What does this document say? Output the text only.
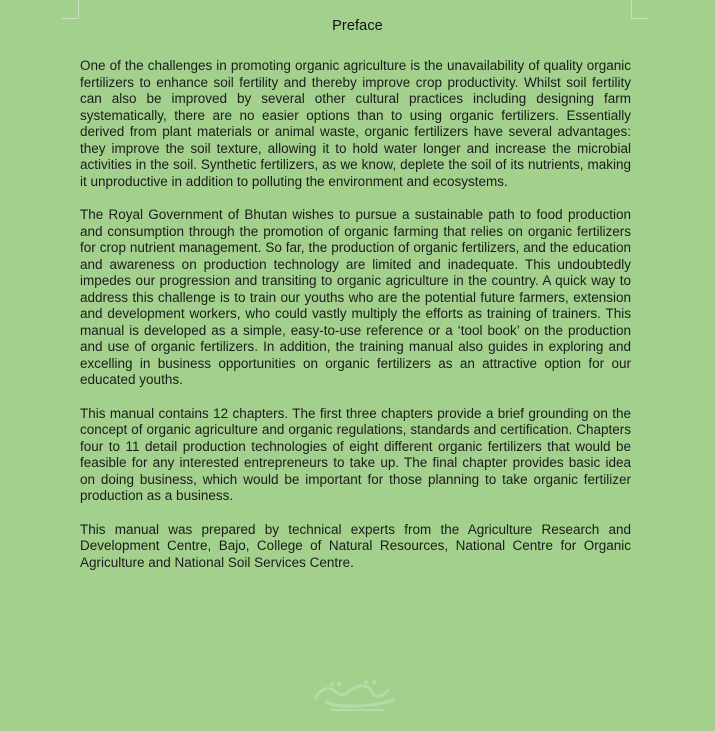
Preface

One of the challenges in promoting organic agriculture is the unavailability of quality organic fertilizers to enhance soil fertility and thereby improve crop productivity. Whilst soil fertility can also be improved by several other cultural practices including designing farm systematically, there are no easier options than to using organic fertilizers. Essentially derived from plant materials or animal waste, organic fertilizers have several advantages: they improve the soil texture, allowing it to hold water longer and increase the microbial activities in the soil. Synthetic fertilizers, as we know, deplete the soil of its nutrients, making it unproductive in addition to polluting the environment and ecosystems.

The Royal Government of Bhutan wishes to pursue a sustainable path to food production and consumption through the promotion of organic farming that relies on organic fertilizers for crop nutrient management. So far, the production of organic fertilizers, and the education and awareness on production technology are limited and inadequate. This undoubtedly impedes our progression and transiting to organic agriculture in the country. A quick way to address this challenge is to train our youths who are the potential future farmers, extension and development workers, who could vastly multiply the efforts as training of trainers. This manual is developed as a simple, easy-to-use reference or a ‘tool book’ on the production and use of organic fertilizers. In addition, the training manual also guides in exploring and excelling in business opportunities on organic fertilizers as an attractive option for our educated youths.

This manual contains 12 chapters. The first three chapters provide a brief grounding on the concept of organic agriculture and organic regulations, standards and certification. Chapters four to 11 detail production technologies of eight different organic fertilizers that would be feasible for any interested entrepreneurs to take up. The final chapter provides basic idea on doing business, which would be important for those planning to take organic fertilizer production as a business.

This manual was prepared by technical experts from the Agriculture Research and Development Centre, Bajo, College of Natural Resources, National Centre for Organic Agriculture and National Soil Services Centre.
